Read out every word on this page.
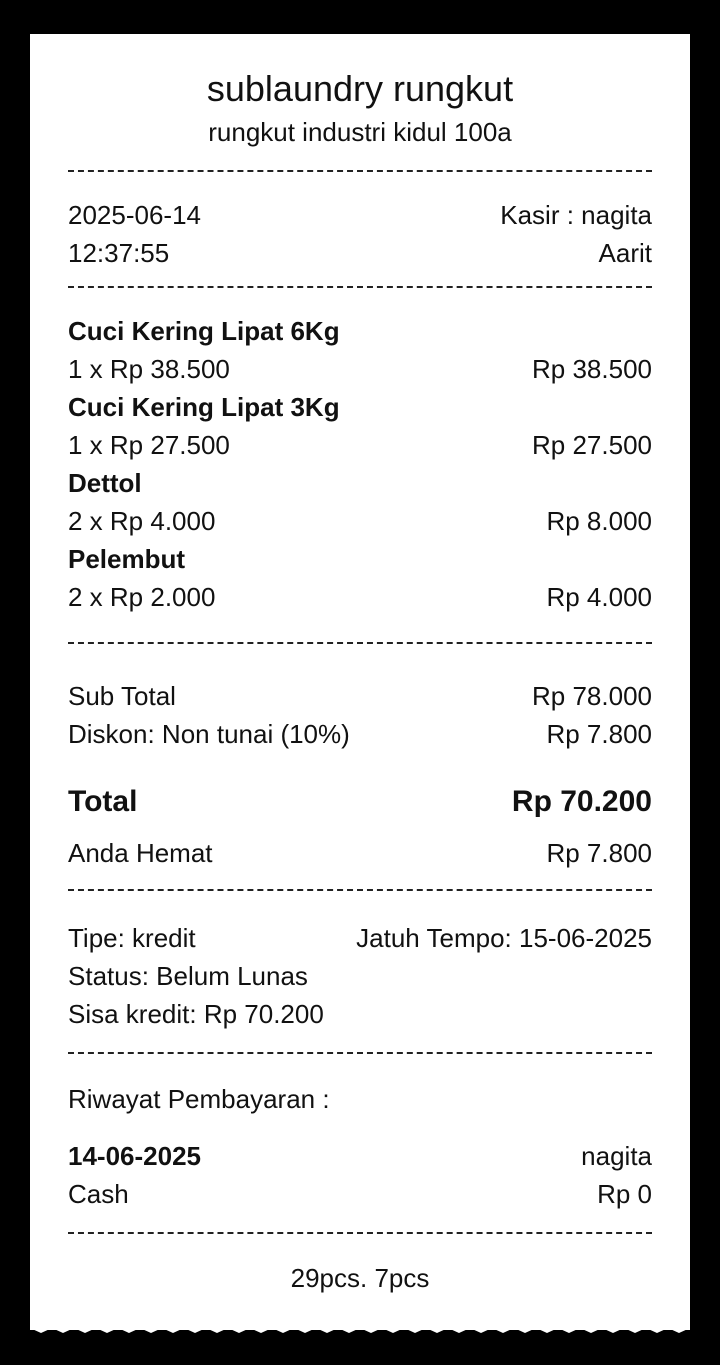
sublaundry rungkut
rungkut industri kidul 100a
2025-06-14	Kasir : nagita
12:37:55	Aarit
Cuci Kering Lipat 6Kg
1 x Rp 38.500	Rp 38.500
Cuci Kering Lipat 3Kg
1 x Rp 27.500	Rp 27.500
Dettol
2 x Rp 4.000	Rp 8.000
Pelembut
2 x Rp 2.000	Rp 4.000
Sub Total	Rp 78.000
Diskon: Non tunai (10%)	Rp 7.800
Total	Rp 70.200
Anda Hemat	Rp 7.800
Tipe: kredit	Jatuh Tempo: 15-06-2025
Status: Belum Lunas
Sisa kredit: Rp 70.200
Riwayat Pembayaran :
14-06-2025	nagita
Cash	Rp 0
29pcs. 7pcs
